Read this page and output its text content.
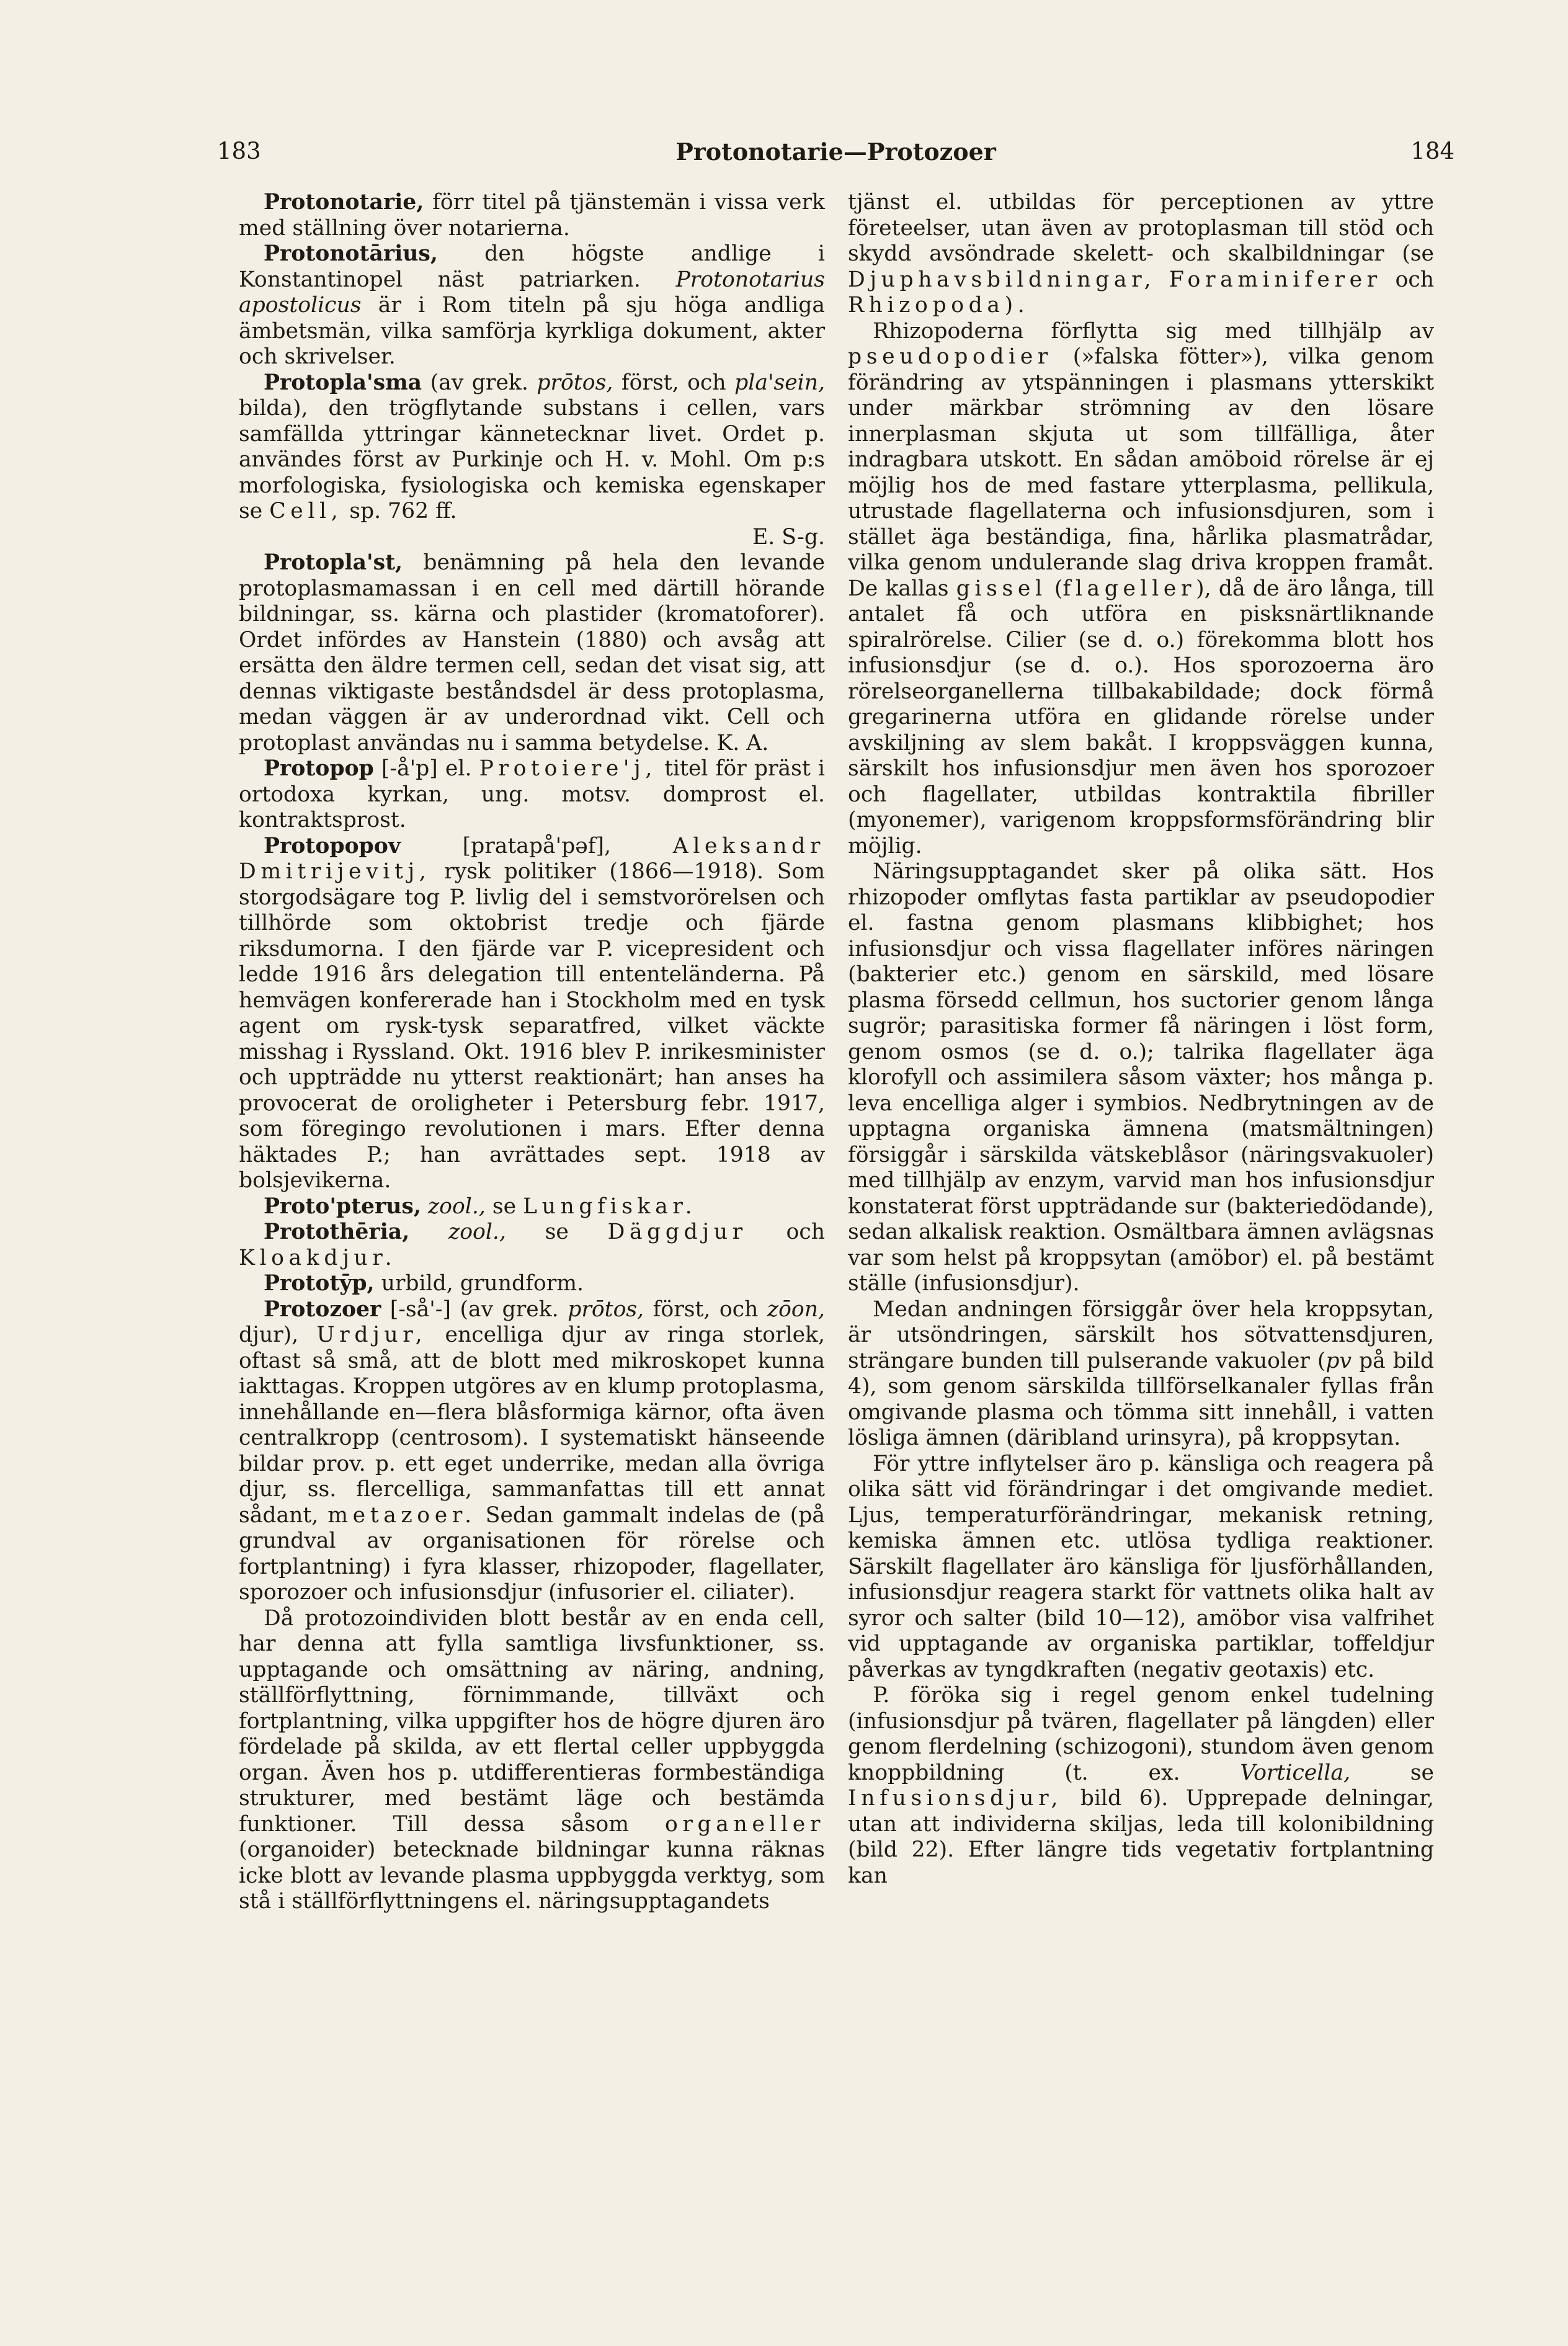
183	Protonotarie—Protozoer	184

Protonotarie, förr titel på tjänstemän i vissa verk med ställning över notarierna.

Protonotārius, den högste andlige i Konstantinopel näst patriarken. Protonotarius apostolicus är i Rom titeln på sju höga andliga ämbetsmän, vilka samförja kyrkliga dokument, akter och skrivelser.

Protopla'sma (av grek. prōtos, först, och pla'sein, bilda), den trögflytande substans i cellen, vars samfällda yttringar kännetecknar livet. Ordet p. användes först av Purkinje och H. v. Mohl. Om p:s morfologiska, fysiologiska och kemiska egenskaper se Cell, sp. 762 ff.
E. S-g.

Protopla'st, benämning på hela den levande protoplasmamassan i en cell med därtill hörande bildningar, ss. kärna och plastider (kromatoforer). Ordet infördes av Hanstein (1880) och avsåg att ersätta den äldre termen cell, sedan det visat sig, att dennas viktigaste beståndsdel är dess protoplasma, medan väggen är av underordnad vikt. Cell och protoplast användas nu i samma betydelse. K. A.

Protopop [-å'p] el. Protoiere'j, titel för präst i ortodoxa kyrkan, ung. motsv. domprost el. kontraktsprost.

Protopopov [pratapå'pəf], Aleksandr Dmitrijevitj, rysk politiker (1866—1918). Som storgodsägare tog P. livlig del i semstvorörelsen och tillhörde som oktobrist tredje och fjärde riksdumorna. I den fjärde var P. vicepresident och ledde 1916 års delegation till ententeländerna. På hemvägen konfererade han i Stockholm med en tysk agent om rysk-tysk separatfred, vilket väckte misshag i Ryssland. Okt. 1916 blev P. inrikesminister och uppträdde nu ytterst reaktionärt; han anses ha provocerat de oroligheter i Petersburg febr. 1917, som föregingo revolutionen i mars. Efter denna häktades P.; han avrättades sept. 1918 av bolsjevikerna.

Proto'pterus, zool., se Lungfiskar.

Protothēria, zool., se Däggdjur och Kloakdjur.

Prototȳp, urbild, grundform.

Protozoer [-så'-] (av grek. prōtos, först, och zōon, djur), Urdjur, encelliga djur av ringa storlek, oftast så små, att de blott med mikroskopet kunna iakttagas. Kroppen utgöres av en klump protoplasma, innehållande en—flera blåsformiga kärnor, ofta även centralkropp (centrosom). I systematiskt hänseende bildar prov. p. ett eget underrike, medan alla övriga djur, ss. flercelliga, sammanfattas till ett annat sådant, metazoer. Sedan gammalt indelas de (på grundval av organisationen för rörelse och fortplantning) i fyra klasser, rhizopoder, flagellater, sporozoer och infusionsdjur (infusorier el. ciliater).

Då protozoindividen blott består av en enda cell, har denna att fylla samtliga livsfunktioner, ss. upptagande och omsättning av näring, andning, ställförflyttning, förnimmande, tillväxt och fortplantning, vilka uppgifter hos de högre djuren äro fördelade på skilda, av ett flertal celler uppbyggda organ. Även hos p. utdifferentieras formbeständiga strukturer, med bestämt läge och bestämda funktioner. Till dessa såsom organeller (organoider) betecknade bildningar kunna räknas icke blott av levande plasma uppbyggda verktyg, som stå i ställförflyttningens el. näringsupptagandets

tjänst el. utbildas för perceptionen av yttre företeelser, utan även av protoplasman till stöd och skydd avsöndrade skelett- och skalbildningar (se Djuphavsbildningar, Foraminiferer och Rhizopoda).

Rhizopoderna förflytta sig med tillhjälp av pseudopodier (»falska fötter»), vilka genom förändring av ytspänningen i plasmans ytterskikt under märkbar strömning av den lösare innerplasman skjuta ut som tillfälliga, åter indragbara utskott. En sådan amöboid rörelse är ej möjlig hos de med fastare ytterplasma, pellikula, utrustade flagellaterna och infusionsdjuren, som i stället äga beständiga, fina, hårlika plasmatrådar, vilka genom undulerande slag driva kroppen framåt. De kallas gissel (flageller), då de äro långa, till antalet få och utföra en pisksnärtliknande spiralrörelse. Cilier (se d. o.) förekomma blott hos infusionsdjur (se d. o.). Hos sporozoerna äro rörelseorganellerna tillbakabildade; dock förmå gregarinerna utföra en glidande rörelse under avskiljning av slem bakåt. I kroppsväggen kunna, särskilt hos infusionsdjur men även hos sporozoer och flagellater, utbildas kontraktila fibriller (myonemer), varigenom kroppsformsförändring blir möjlig.

Näringsupptagandet sker på olika sätt. Hos rhizopoder omflytas fasta partiklar av pseudopodier el. fastna genom plasmans klibbighet; hos infusionsdjur och vissa flagellater införes näringen (bakterier etc.) genom en särskild, med lösare plasma försedd cellmun, hos suctorier genom långa sugrör; parasitiska former få näringen i löst form, genom osmos (se d. o.); talrika flagellater äga klorofyll och assimilera såsom växter; hos många p. leva encelliga alger i symbios. Nedbrytningen av de upptagna organiska ämnena (matsmältningen) försiggår i särskilda vätskeblåsor (näringsvakuoler) med tillhjälp av enzym, varvid man hos infusionsdjur konstaterat först uppträdande sur (bakteriedödande), sedan alkalisk reaktion. Osmältbara ämnen avlägsnas var som helst på kroppsytan (amöbor) el. på bestämt ställe (infusionsdjur).

Medan andningen försiggår över hela kroppsytan, är utsöndringen, särskilt hos sötvattensdjuren, strängare bunden till pulserande vakuoler (pv på bild 4), som genom särskilda tillförselkanaler fyllas från omgivande plasma och tömma sitt innehåll, i vatten lösliga ämnen (däribland urinsyra), på kroppsytan.

För yttre inflytelser äro p. känsliga och reagera på olika sätt vid förändringar i det omgivande mediet. Ljus, temperaturförändringar, mekanisk retning, kemiska ämnen etc. utlösa tydliga reaktioner. Särskilt flagellater äro känsliga för ljusförhållanden, infusionsdjur reagera starkt för vattnets olika halt av syror och salter (bild 10—12), amöbor visa valfrihet vid upptagande av organiska partiklar, toffeldjur påverkas av tyngdkraften (negativ geotaxis) etc.

P. föröka sig i regel genom enkel tudelning (infusionsdjur på tvären, flagellater på längden) eller genom flerdelning (schizogoni), stundom även genom knoppbildning (t. ex. Vorticella, se Infusionsdjur, bild 6). Upprepade delningar, utan att individerna skiljas, leda till kolonibildning (bild 22). Efter längre tids vegetativ fortplantning kan
